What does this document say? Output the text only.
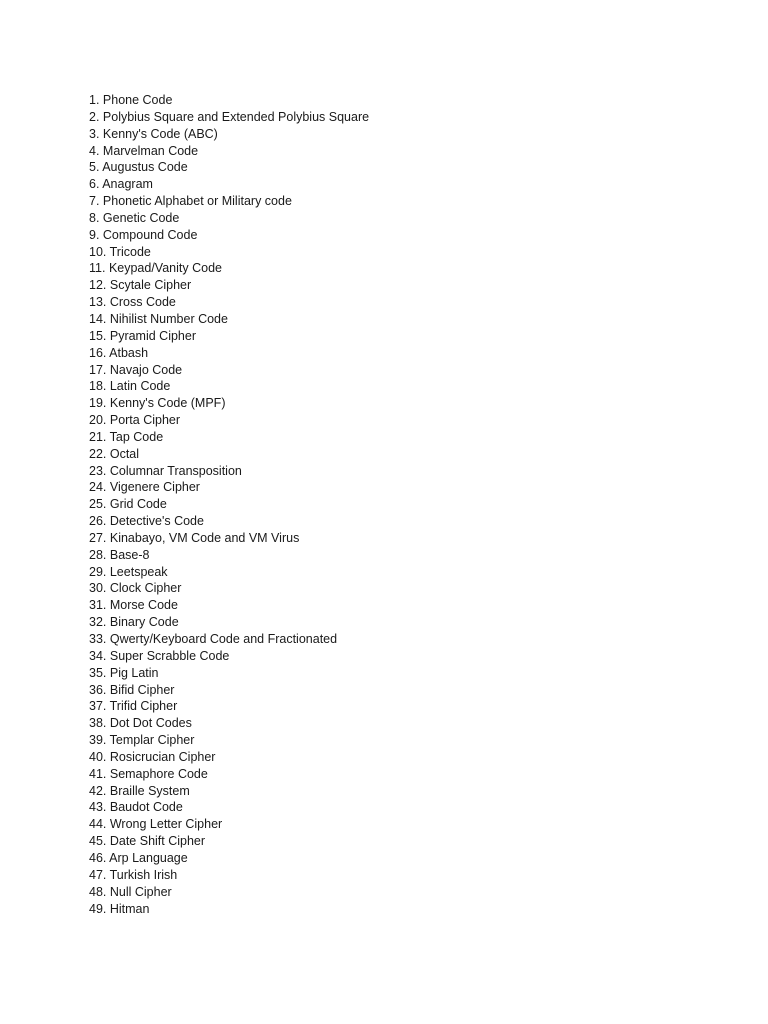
1 . Phone Code
2 . Polybius Square and Extended Polybius Square
3 . Kenny's Code (ABC)
4 . Marvelman Code
5 . Augustus Code
6 . Anagram
7 . Phonetic Alphabet or Military code
8 . Genetic Code
9 . Compound Code
10 . Tricode
11 . Keypad/Vanity Code
12 . Scytale Cipher
13 . Cross Code
14 . Nihilist Number Code
15 . Pyramid Cipher
16 . Atbash
17 . Navajo Code
18 . Latin Code
19 . Kenny's Code (MPF)
20 . Porta Cipher
21 . Tap Code
22 . Octal
23 . Columnar Transposition
24 . Vigenere Cipher
25 . Grid Code
26 . Detective's Code
27 . Kinabayo, VM Code and VM Virus
28 . Base-8
29 . Leetspeak
30 . Clock Cipher
31 . Morse Code
32 . Binary Code
33 . Qwerty/Keyboard Code and Fractionated
34 . Super Scrabble Code
35 . Pig Latin
36 . Bifid Cipher
37 . Trifid Cipher
38 . Dot Dot Codes
39 . Templar Cipher
40 . Rosicrucian Cipher
41 . Semaphore Code
42 . Braille System
43 . Baudot Code
44 . Wrong Letter Cipher
45 . Date Shift Cipher
46 . Arp Language
47 . Turkish Irish
48 . Null Cipher
49 . Hitman
